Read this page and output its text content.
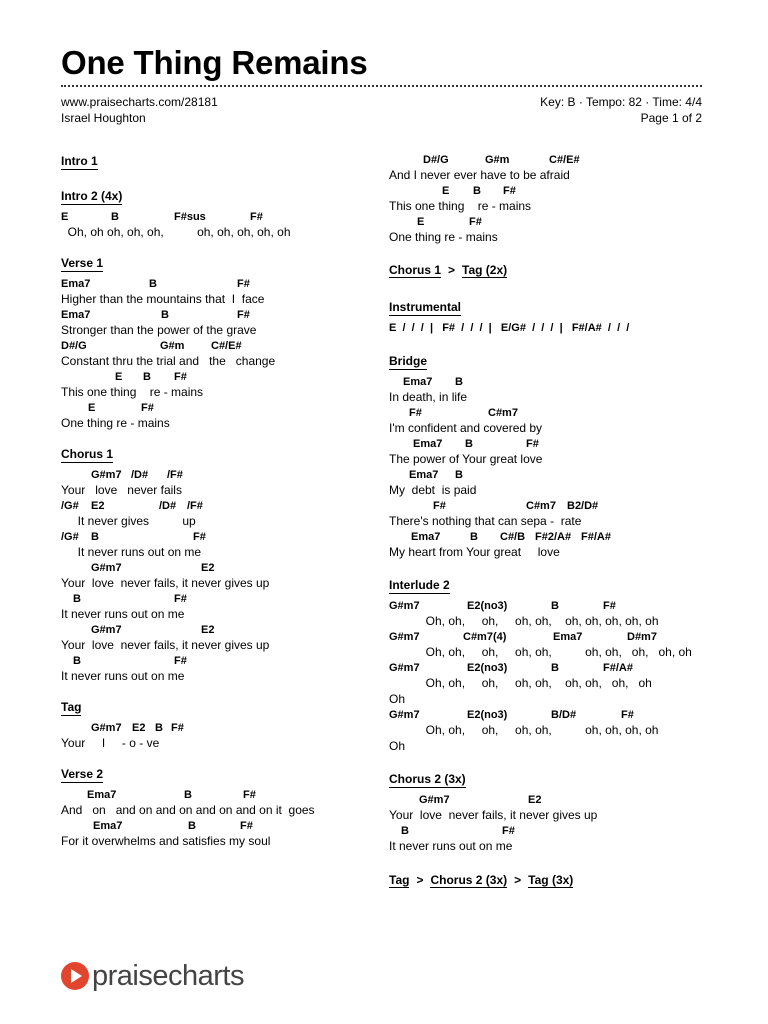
One Thing Remains
www.praisecharts.com/28181
Israel Houghton
Key: B · Tempo: 82 · Time: 4/4
Page 1 of 2
Intro 1
Intro 2 (4x)
E	B	F#sus	F#
Oh, oh oh, oh, oh,          oh, oh, oh, oh, oh
Verse 1
Ema7	B	F#
Higher than the mountains that  I  face
Ema7	B	F#
Stronger than the power of the grave
D#/G	G#m C#/E#
Constant thru the trial and   the   change
E B F#
This one thing    re - mains
E	F#
One thing re - mains
Chorus 1
G#m7 /D# /F#
Your   love   never fails
/G# E2	/D# /F#
It never gives          up
/G# B	F#
It never runs out on me
G#m7	E2
Your  love  never fails, it never gives up
B	F#
It never runs out on me
G#m7	E2
Your  love  never fails, it never gives up
B	F#
It never runs out on me
Tag
G#m7 E2 B F#
Your     I     - o - ve
Verse 2
Ema7	B	F#
And   on   and on and on and on and on it  goes
Ema7	B	F#
For it overwhelms and satisfies my soul
D#/G	G#m	C#/E#
And I never ever have to be afraid
E B F#
This one thing    re - mains
E	F#
One thing re - mains
Chorus 1 > Tag (2x)
Instrumental
E  /  /  /  |   F#  /  /  /  |   E/G#  /  /  /  |   F#/A#  /  /  /
Bridge
Ema7 B
In death, in life
F#	C#m7
I'm confident and covered by
Ema7 B	F#
The power of Your great love
Ema7 B
My  debt  is paid
F#	C#m7 B2/D#
There's nothing that can sepa -  rate
Ema7	B C#/B F#2/A# F#/A#
My heart from Your great     love
Interlude 2
G#m7	E2(no3)	B	F#
Oh, oh,     oh,     oh, oh,    oh, oh, oh, oh, oh
G#m7	C#m7(4)	Ema7	D#m7
Oh, oh,     oh,     oh, oh,          oh, oh,   oh,   oh, oh
G#m7	E2(no3)	B	F#/A#
Oh, oh,     oh,     oh, oh,    oh, oh,   oh,   oh
Oh
G#m7	E2(no3)	B/D#	F#
Oh, oh,     oh,     oh, oh,          oh, oh, oh, oh
Oh
Chorus 2 (3x)
G#m7	E2
Your  love  never fails, it never gives up
B	F#
It never runs out on me
Tag > Chorus 2 (3x) > Tag (3x)
praisecharts
